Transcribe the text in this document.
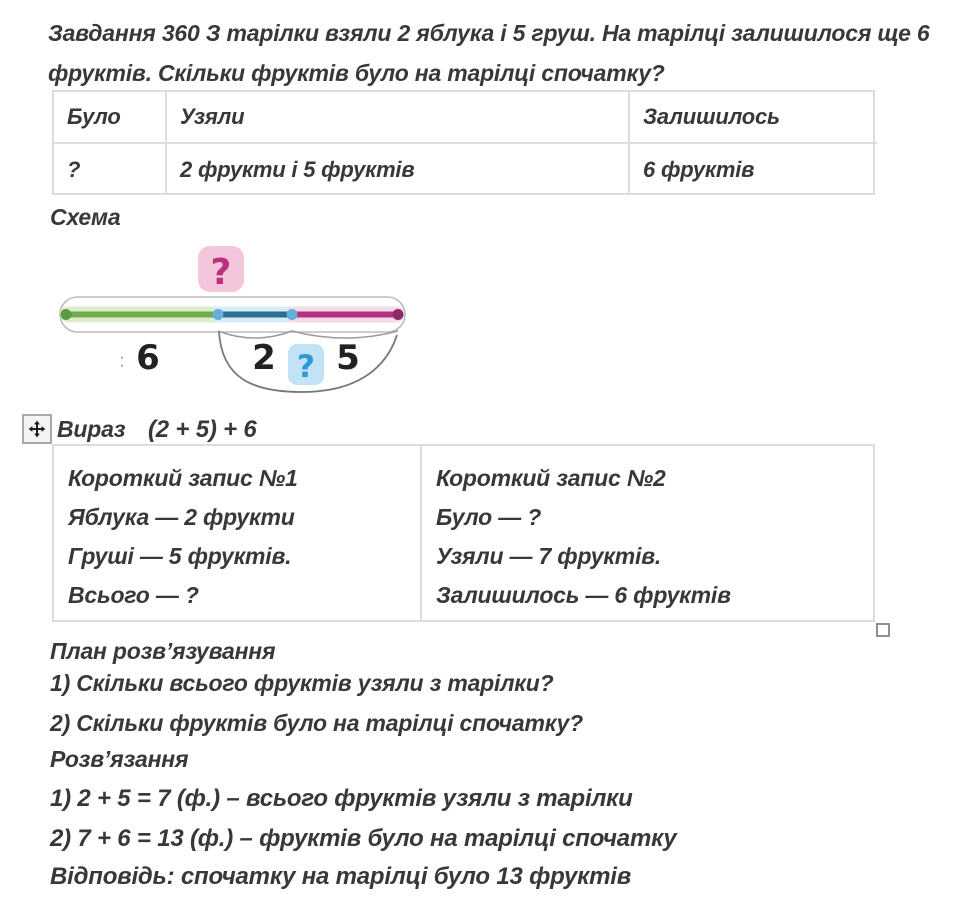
Завдання 360 З тарілки взяли 2 яблука і 5 груш. На тарілці залишилося ще 6
фруктів. Скільки фруктів було на тарілці спочатку?
Було	Узяли	Залишилось
?	2 фрукти і 5 фруктів	6 фруктів
Схема
?
: 6	2 5
?
Вираз (2 + 5) + 6
Короткий запис №1
Яблука — 2 фрукти
Груші — 5 фруктів.
Всього — ?
Короткий запис №2
Було — ?
Узяли — 7 фруктів.
Залишилось — 6 фруктів
План розв’язування
1) Скільки всього фруктів узяли з тарілки?
2) Скільки фруктів було на тарілці спочатку?
Розв’язання
1) 2 + 5 = 7 (ф.) – всього фруктів узяли з тарілки
2) 7 + 6 = 13 (ф.) – фруктів було на тарілці спочатку
Відповідь: спочатку на тарілці було 13 фруктів
